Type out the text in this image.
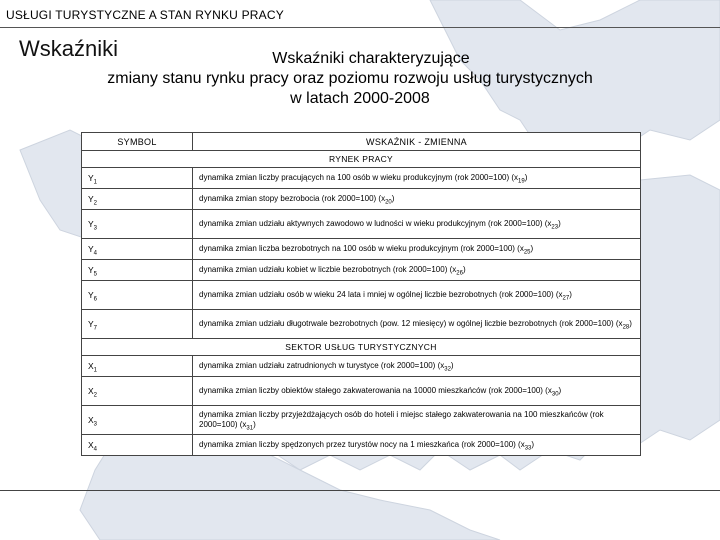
USŁUGI TURYSTYCZNE A STAN RYNKU PRACY
Wskaźniki	Wskaźniki charakteryzujące
zmiany stanu rynku pracy oraz poziomu rozwoju usług turystycznych
w latach 2000-2008
SYMBOL	WSKAŹNIK - ZMIENNA
RYNEK PRACY	
$Y_1$	dynamika zmian liczby pracujących na 100 osób w wieku produkcyjnym (rok 2000=100) $(x_{19})$
$Y_2$	dynamika zmian stopy bezrobocia (rok 2000=100) $(x_{20})$
$Y_3$	dynamika zmian udziału aktywnych zawodowo w ludności w wieku produkcyjnym (rok 2000=100) $(x_{23})$
$Y_4$	dynamika zmian liczba bezrobotnych na 100 osób w wieku produkcyjnym (rok 2000=100) $(x_{25})$
$Y_5$	dynamika zmian udziału kobiet w liczbie bezrobotnych (rok 2000=100) $(x_{26})$
$Y_6$	dynamika zmian udziału osób w wieku 24 lata i mniej w ogólnej liczbie bezrobotnych (rok 2000=100) $(x_{27})$
$Y_7$	dynamika zmian udziału długotrwale bezrobotnych (pow. 12 miesięcy) w ogólnej liczbie bezrobotnych (rok 2000=100) $(x_{28})$
SEKTOR USŁUG TURYSTYCZNYCH	
$X_1$	dynamika zmian udziału zatrudnionych w turystyce (rok 2000=100) $(x_{32})$
$X_2$	dynamika zmian liczby obiektów stałego zakwaterowania na 10000 mieszkańców (rok 2000=100) $(x_{30})$
$X_3$	dynamika zmian liczby przyjeżdżających osób do hoteli i miejsc stałego zakwaterowania na 100 mieszkańców (rok 2000=100) $(x_{31})$
$X_4$	dynamika zmian liczby spędzonych przez turystów nocy na 1 mieszkańca (rok 2000=100) $(x_{33})$
